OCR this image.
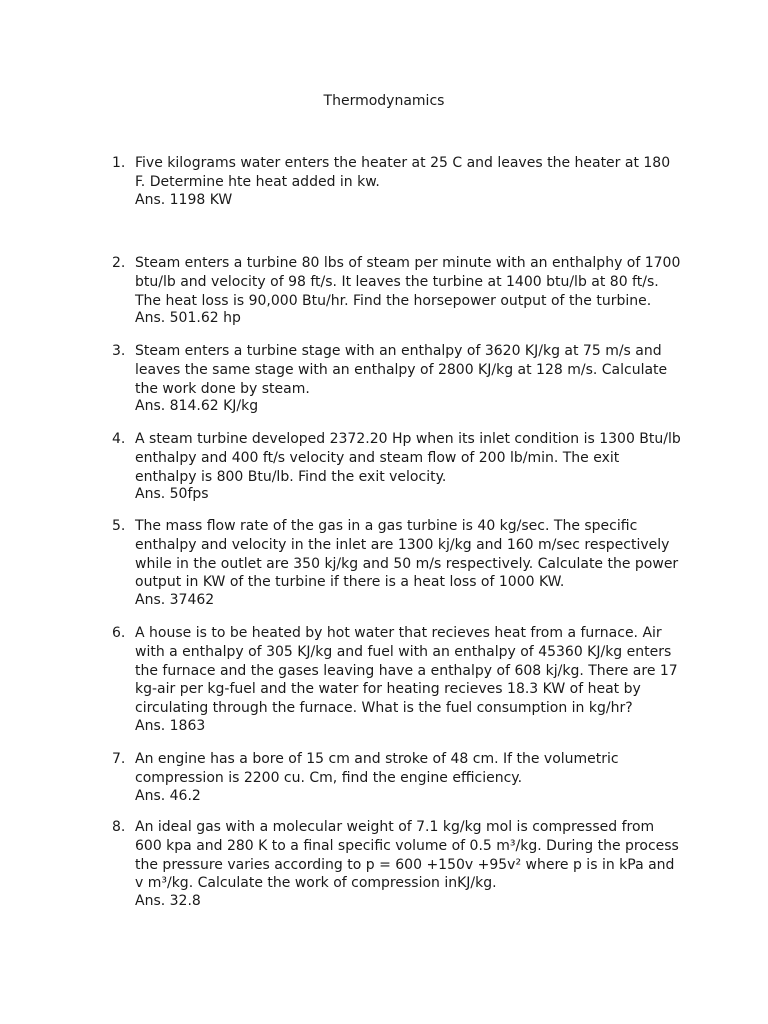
Thermodynamics
1. Five kilograms water enters the heater at 25 C and leaves the heater at 180 F. Determine hte heat added in kw.
Ans. 1198 KW
2. Steam enters a turbine 80 lbs of steam per minute with an enthalphy of 1700 btu/lb and velocity of 98 ft/s. It leaves the turbine at 1400 btu/lb at 80 ft/s. The heat loss is 90,000 Btu/hr. Find the horsepower output of the turbine.
Ans. 501.62 hp
3. Steam enters a turbine stage with an enthalpy of 3620 KJ/kg at 75 m/s and leaves the same stage with an enthalpy of 2800 KJ/kg at 128 m/s. Calculate the work done by steam.
Ans. 814.62 KJ/kg
4. A steam turbine developed 2372.20 Hp when its inlet condition is 1300 Btu/lb enthalpy and 400 ft/s velocity and steam flow of 200 lb/min. The exit enthalpy is 800 Btu/lb. Find the exit velocity.
Ans. 50fps
5. The mass flow rate of the gas in a gas turbine is 40 kg/sec. The specific enthalpy and velocity in the inlet are 1300 kj/kg and 160 m/sec respectively while in the outlet are 350 kj/kg and 50 m/s respectively. Calculate the power output in KW of the turbine if there is a heat loss of 1000 KW.
Ans. 37462
6. A house is to be heated by hot water that recieves heat from a furnace. Air with a enthalpy of 305 KJ/kg and fuel with an enthalpy of 45360 KJ/kg enters the furnace and the gases leaving have a enthalpy of 608 kj/kg. There are 17 kg-air per kg-fuel and the water for heating recieves 18.3 KW of heat by circulating through the furnace. What is the fuel consumption in kg/hr?
Ans. 1863
7. An engine has a bore of 15 cm and stroke of 48 cm. If the volumetric compression is 2200 cu. Cm, find the engine efficiency.
Ans. 46.2
8. An ideal gas with a molecular weight of 7.1 kg/kg mol is compressed from 600 kpa and 280 K to a final specific volume of 0.5 m³/kg. During the process the pressure varies according to p = 600 +150v +95v² where p is in kPa and v m³/kg. Calculate the work of compression inKJ/kg.
Ans. 32.8
